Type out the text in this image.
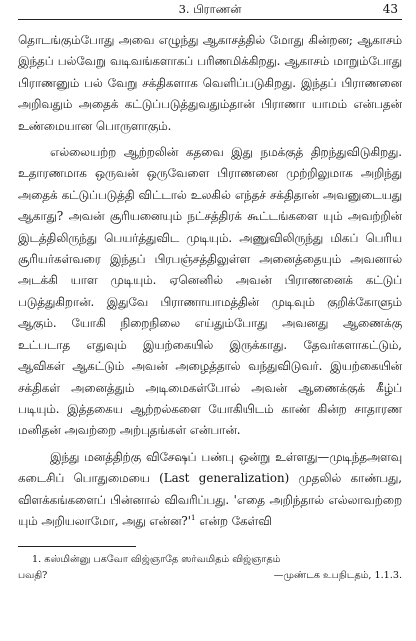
3. பிராணன்	43

தொடங்கும்போது அவை எழுந்து ஆகாசத்தில் மோது கின்றன; ஆகாசம் இந்தப் பல்வேறு வடிவங்களாகப் பரிணமிக்கிறது. ஆகாசம் மாறும்போது பிராணனும் பல் வேறு சக்திகளாக வெளிப்படுகிறது. இந்தப் பிராணனை அறிவதும் அதைக் கட்டுப்படுத்துவதும்தான் பிராணா யாமம் என்பதன் உண்மையான பொருளாகும்.

எல்லையற்ற ஆற்றலின் கதவை இது நமக்குத் திறந்துவிடுகிறது. உதாரணமாக ஒருவன் ஒருவேளை பிராணனை முற்றிலுமாக அறிந்து அதைக் கட்டுப்படுத்தி விட்டால் உலகில் எந்தச் சக்திதான் அவனுடையது ஆகாது? அவன் சூரியனையும் நட்சத்திரக் கூட்டங்களை யும் அவற்றின் இடத்திலிருந்து பெயர்த்துவிட முடியும். அணுவிலிருந்து மிகப் பெரிய சூரியர்கள்வரை இந்தப் பிரபஞ்சத்திலுள்ள அனைத்தையும் அவனால் அடக்கி யாள முடியும். ஏனெனில் அவன் பிராணனைக் கட்டுப் படுத்துகிறான். இதுவே பிராணாயாமத்தின் முடிவும் குறிக்கோளும் ஆகும். யோகி நிறைநிலை எய்தும்போது அவனது ஆணைக்கு உட்படாத எதுவும் இயற்கையில் இருக்காது. தேவர்களாகட்டும், ஆவிகள் ஆகட்டும் அவன் அழைத்தால் வந்துவிடுவர். இயற்கையின் சக்திகள் அனைத்தும் அடிமைகள்போல் அவன் ஆணைக்குக் கீழ்ப் படியும். இத்தகைய ஆற்றல்களை யோகியிடம் காண் கின்ற சாதாரண மனிதன் அவற்றை அற்புதங்கள் என்பான்.

இந்து மனத்திற்கு விசேஷப் பண்பு ஒன்று உள்ளது—முடிந்தஅளவு கடைசிப் பொதுமையை (Last generalization) முதலில் காண்பது, விளக்கங்களைப் பின்னால் விவரிப்பது. 'எதை அறிந்தால் எல்லாவற்றை யும் அறியலாமோ, அது $என்ன?'^1$ என்ற கேள்வி

1. கஸ்மின்னு பகவோ விஜ்ஞாதே ஸர்வமிதம் விஜ்ஞாதம்
பவதி?	—முண்டக உபநிடதம், 1.1.3.
